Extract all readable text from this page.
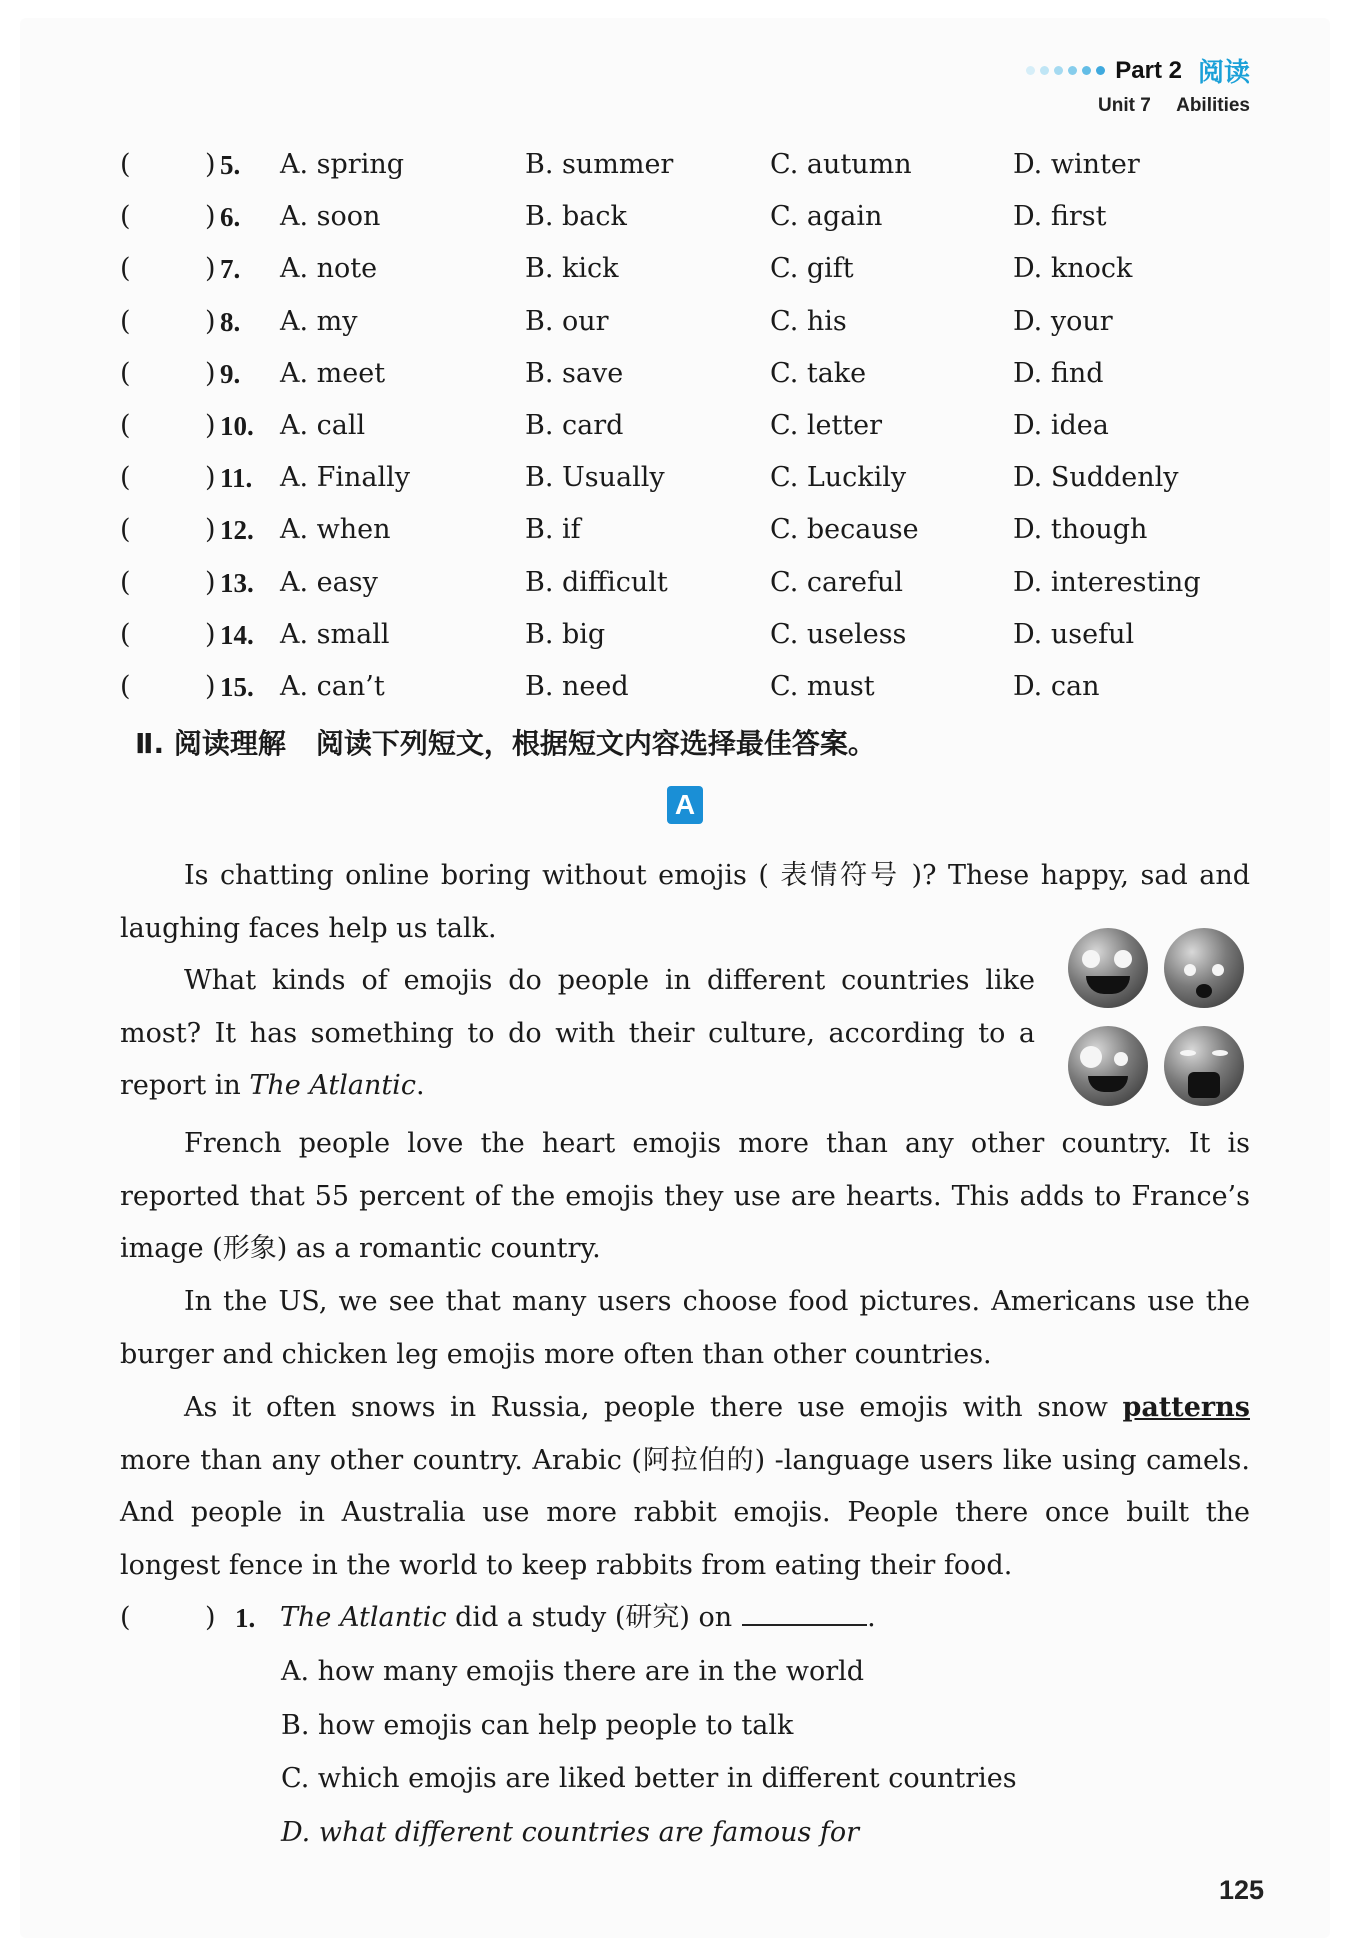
Part 2 阅读
Unit 7 Abilities
(	) 5. A. spring	B. summer	C. autumn	D. winter
(	) 6. A. soon	B. back	C. again	D. first
(	) 7. A. note	B. kick	C. gift	D. knock
(	) 8. A. my	B. our	C. his	D. your
(	) 9. A. meet	B. save	C. take	D. find
(	) 10. A. call	B. card	C. letter	D. idea
(	) 11. A. Finally	B. Usually	C. Luckily	D. Suddenly
(	) 12. A. when	B. if	C. because	D. though
(	) 13. A. easy	B. difficult	C. careful	D. interesting
(	) 14. A. small	B. big	C. useless	D. useful
(	) 15. A. can’t	B. need	C. must	D. can
Ⅱ. 阅读理解 阅读下列短文，根据短文内容选择最佳答案。
A
Is chatting online boring without emojis ( 表情符号 )? These happy, sad and laughing faces help us talk.
What kinds of emojis do people in different countries like most? It has something to do with their culture, according to a report in The Atlantic.
French people love the heart emojis more than any other country. It is reported that 55 percent of the emojis they use are hearts. This adds to France’s image (形象) as a romantic country.
In the US, we see that many users choose food pictures. Americans use the burger and chicken leg emojis more often than other countries.
As it often snows in Russia, people there use emojis with snow patterns more than any other country. Arabic (阿拉伯的) -language users like using camels. And people in Australia use more rabbit emojis. People there once built the longest fence in the world to keep rabbits from eating their food.
(	) 1. The Atlantic did a study (研究) on	.
A. how many emojis there are in the world
B. how emojis can help people to talk
C. which emojis are liked better in different countries
D. what different countries are famous for
125
